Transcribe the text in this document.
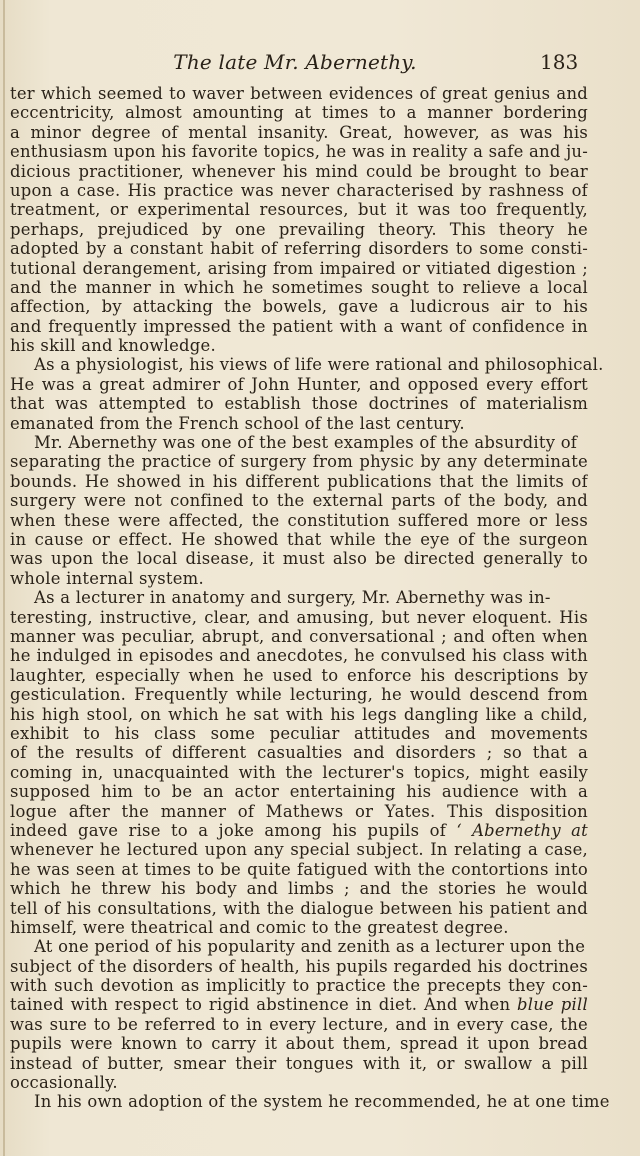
The late Mr. Abernethy.	183
ter which seemed to waver between evidences of great genius and
eccentricity, almost amounting at times to a manner bordering
a minor degree of mental insanity. Great, however, as was his
enthusiasm upon his favorite topics, he was in reality a safe and ju-
dicious practitioner, whenever his mind could be brought to bear
upon a case. His practice was never characterised by rashness of
treatment, or experimental resources, but it was too frequently,
perhaps, prejudiced by one prevailing theory. This theory he
adopted by a constant habit of referring disorders to some consti-
tutional derangement, arising from impaired or vitiated digestion ;
and the manner in which he sometimes sought to relieve a local
affection, by attacking the bowels, gave a ludicrous air to his
and frequently impressed the patient with a want of confidence in
his skill and knowledge.
As a physiologist, his views of life were rational and philosophical.
He was a great admirer of John Hunter, and opposed every effort
that was attempted to establish those doctrines of materialism
emanated from the French school of the last century.
Mr. Abernethy was one of the best examples of the absurdity of
separating the practice of surgery from physic by any determinate
bounds. He showed in his different publications that the limits of
surgery were not confined to the external parts of the body, and
when these were affected, the constitution suffered more or less
in cause or effect. He showed that while the eye of the surgeon
was upon the local disease, it must also be directed generally to
whole internal system.
As a lecturer in anatomy and surgery, Mr. Abernethy was in-
teresting, instructive, clear, and amusing, but never eloquent. His
manner was peculiar, abrupt, and conversational ; and often when
he indulged in episodes and anecdotes, he convulsed his class with
laughter, especially when he used to enforce his descriptions by
gesticulation. Frequently while lecturing, he would descend from
his high stool, on which he sat with his legs dangling like a child,
exhibit to his class some peculiar attitudes and movements
of the results of different casualties and disorders ; so that a
coming in, unacquainted with the lecturer's topics, might easily
supposed him to be an actor entertaining his audience with a
logue after the manner of Mathews or Yates. This disposition
indeed gave rise to a joke among his pupils of ‘ Abernethy at
whenever he lectured upon any special subject. In relating a case,
he was seen at times to be quite fatigued with the contortions into
which he threw his body and limbs ; and the stories he would
tell of his consultations, with the dialogue between his patient and
himself, were theatrical and comic to the greatest degree.
At one period of his popularity and zenith as a lecturer upon the
subject of the disorders of health, his pupils regarded his doctrines
with such devotion as implicitly to practice the precepts they con-
tained with respect to rigid abstinence in diet. And when blue pill
was sure to be referred to in every lecture, and in every case, the
pupils were known to carry it about them, spread it upon bread
instead of butter, smear their tongues with it, or swallow a pill
occasionally.
In his own adoption of the system he recommended, he at one time
